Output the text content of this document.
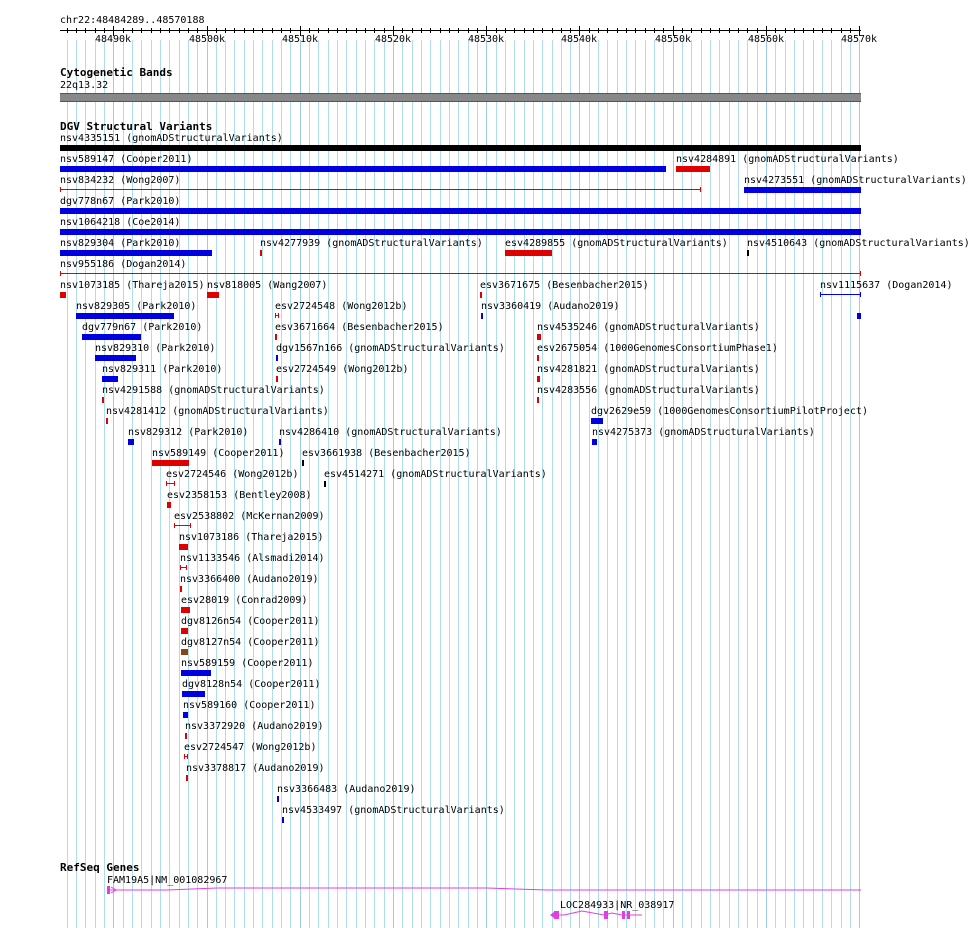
chr22:48484289..48570188
48490k	48500k	48510k	48520k	48530k	48540k	48550k	48560k	48570k
Cytogenetic Bands
22q13.32
DGV Structural Variants
nsv4335151 (gnomADStructuralVariants)
nsv589147 (Cooper2011)	nsv4284891 (gnomADStructuralVariants)
nsv834232 (Wong2007)	nsv4273551 (gnomADStructuralVariants)
dgv778n67 (Park2010)
nsv1064218 (Coe2014)
nsv829304 (Park2010)	nsv4277939 (gnomADStructuralVariants) esv4289855 (gnomADStructuralVariants) nsv4510643 (gnomADStructuralVariants)
nsv955186 (Dogan2014)
nsv1073185 (Thareja2015) nsv818005 (Wang2007)	esv3671675 (Besenbacher2015)	nsv1115637 (Dogan2014)
nsv829305 (Park2010)	esv2724548 (Wong2012b)	nsv3360419 (Audano2019)
dgv779n67 (Park2010)	esv3671664 (Besenbacher2015)	nsv4535246 (gnomADStructuralVariants)
nsv829310 (Park2010)	dgv1567n166 (gnomADStructuralVariants)	esv2675054 (1000GenomesConsortiumPhase1)
nsv829311 (Park2010)	esv2724549 (Wong2012b)	nsv4281821 (gnomADStructuralVariants)
nsv4291588 (gnomADStructuralVariants)	nsv4283556 (gnomADStructuralVariants)
nsv4281412 (gnomADStructuralVariants)	dgv2629e59 (1000GenomesConsortiumPilotProject)
nsv829312 (Park2010)	nsv4286410 (gnomADStructuralVariants)	nsv4275373 (gnomADStructuralVariants)
nsv589149 (Cooper2011) esv3661938 (Besenbacher2015)
esv2724546 (Wong2012b)	esv4514271 (gnomADStructuralVariants)
esv2358153 (Bentley2008)
esv2538802 (McKernan2009)
nsv1073186 (Thareja2015)
nsv1133546 (Alsmadi2014)
nsv3366400 (Audano2019)
esv28019 (Conrad2009)
dgv8126n54 (Cooper2011)
dgv8127n54 (Cooper2011)
nsv589159 (Cooper2011)
dgv8128n54 (Cooper2011)
nsv589160 (Cooper2011)
nsv3372920 (Audano2019)
esv2724547 (Wong2012b)
nsv3378817 (Audano2019)
nsv3366483 (Audano2019)
nsv4533497 (gnomADStructuralVariants)
RefSeq Genes
FAM19A5|NM_001082967
LOC284933|NR_038917
